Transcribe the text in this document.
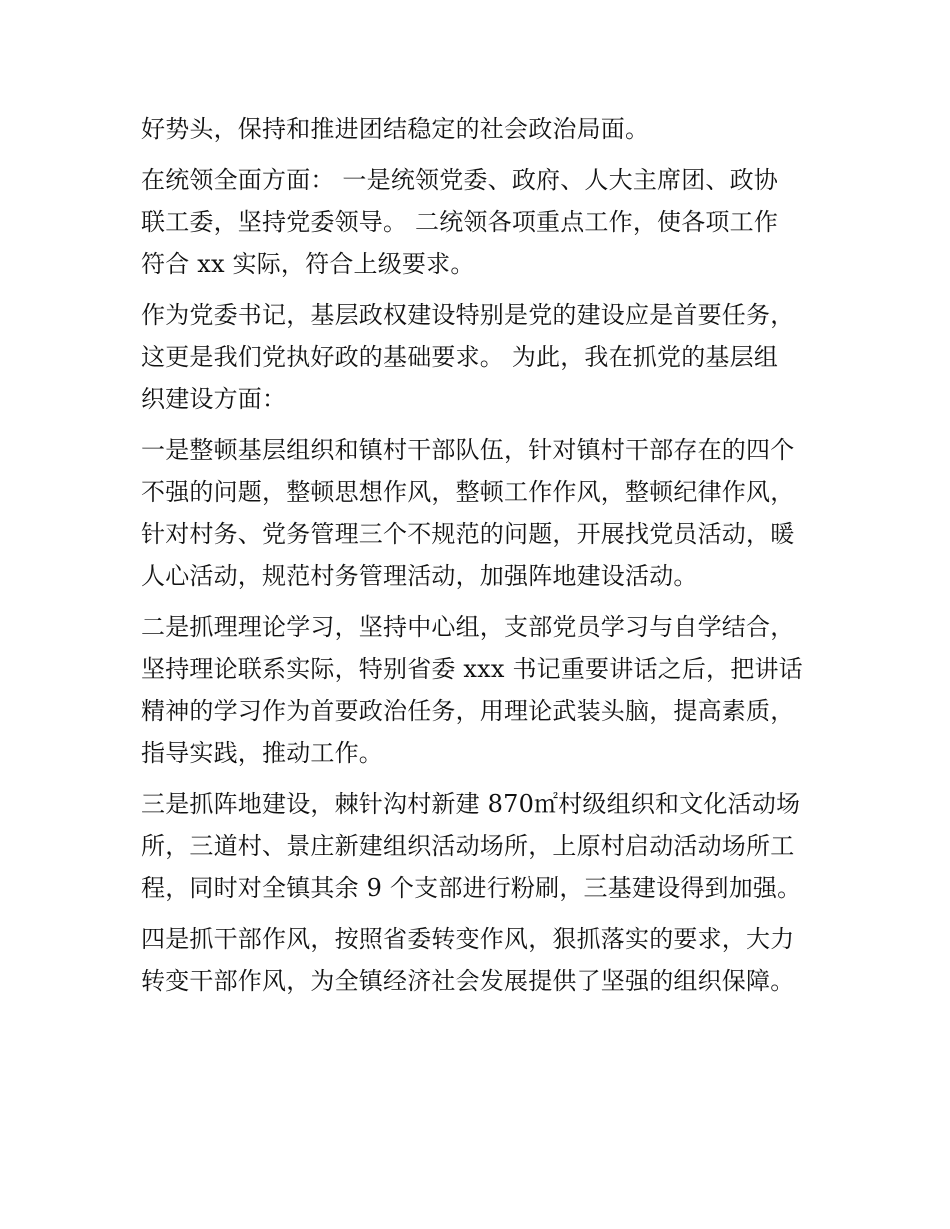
好势头，保持和推进团结稳定的社会政治局面。

在统领全面方面： 一是统领党委、政府、人大主席团、政协
联工委，坚持党委领导。 二统领各项重点工作，使各项工作
符合 xx 实际，符合上级要求。

作为党委书记，基层政权建设特别是党的建设应是首要任务，
这更是我们党执好政的基础要求。 为此，我在抓党的基层组
织建设方面：

一是整顿基层组织和镇村干部队伍，针对镇村干部存在的四个
不强的问题，整顿思想作风，整顿工作作风，整顿纪律作风，
针对村务、党务管理三个不规范的问题，开展找党员活动，暖
人心活动，规范村务管理活动，加强阵地建设活动。

二是抓理理论学习，坚持中心组，支部党员学习与自学结合，
坚持理论联系实际，特别省委 xxx 书记重要讲话之后，把讲话
精神的学习作为首要政治任务，用理论武装头脑，提高素质，
指导实践，推动工作。

三是抓阵地建设，棘针沟村新建 870㎡村级组织和文化活动场
所，三道村、景庄新建组织活动场所，上原村启动活动场所工
程，同时对全镇其余 9 个支部进行粉刷，三基建设得到加强。

四是抓干部作风，按照省委转变作风，狠抓落实的要求，大力
转变干部作风，为全镇经济社会发展提供了坚强的组织保障。
